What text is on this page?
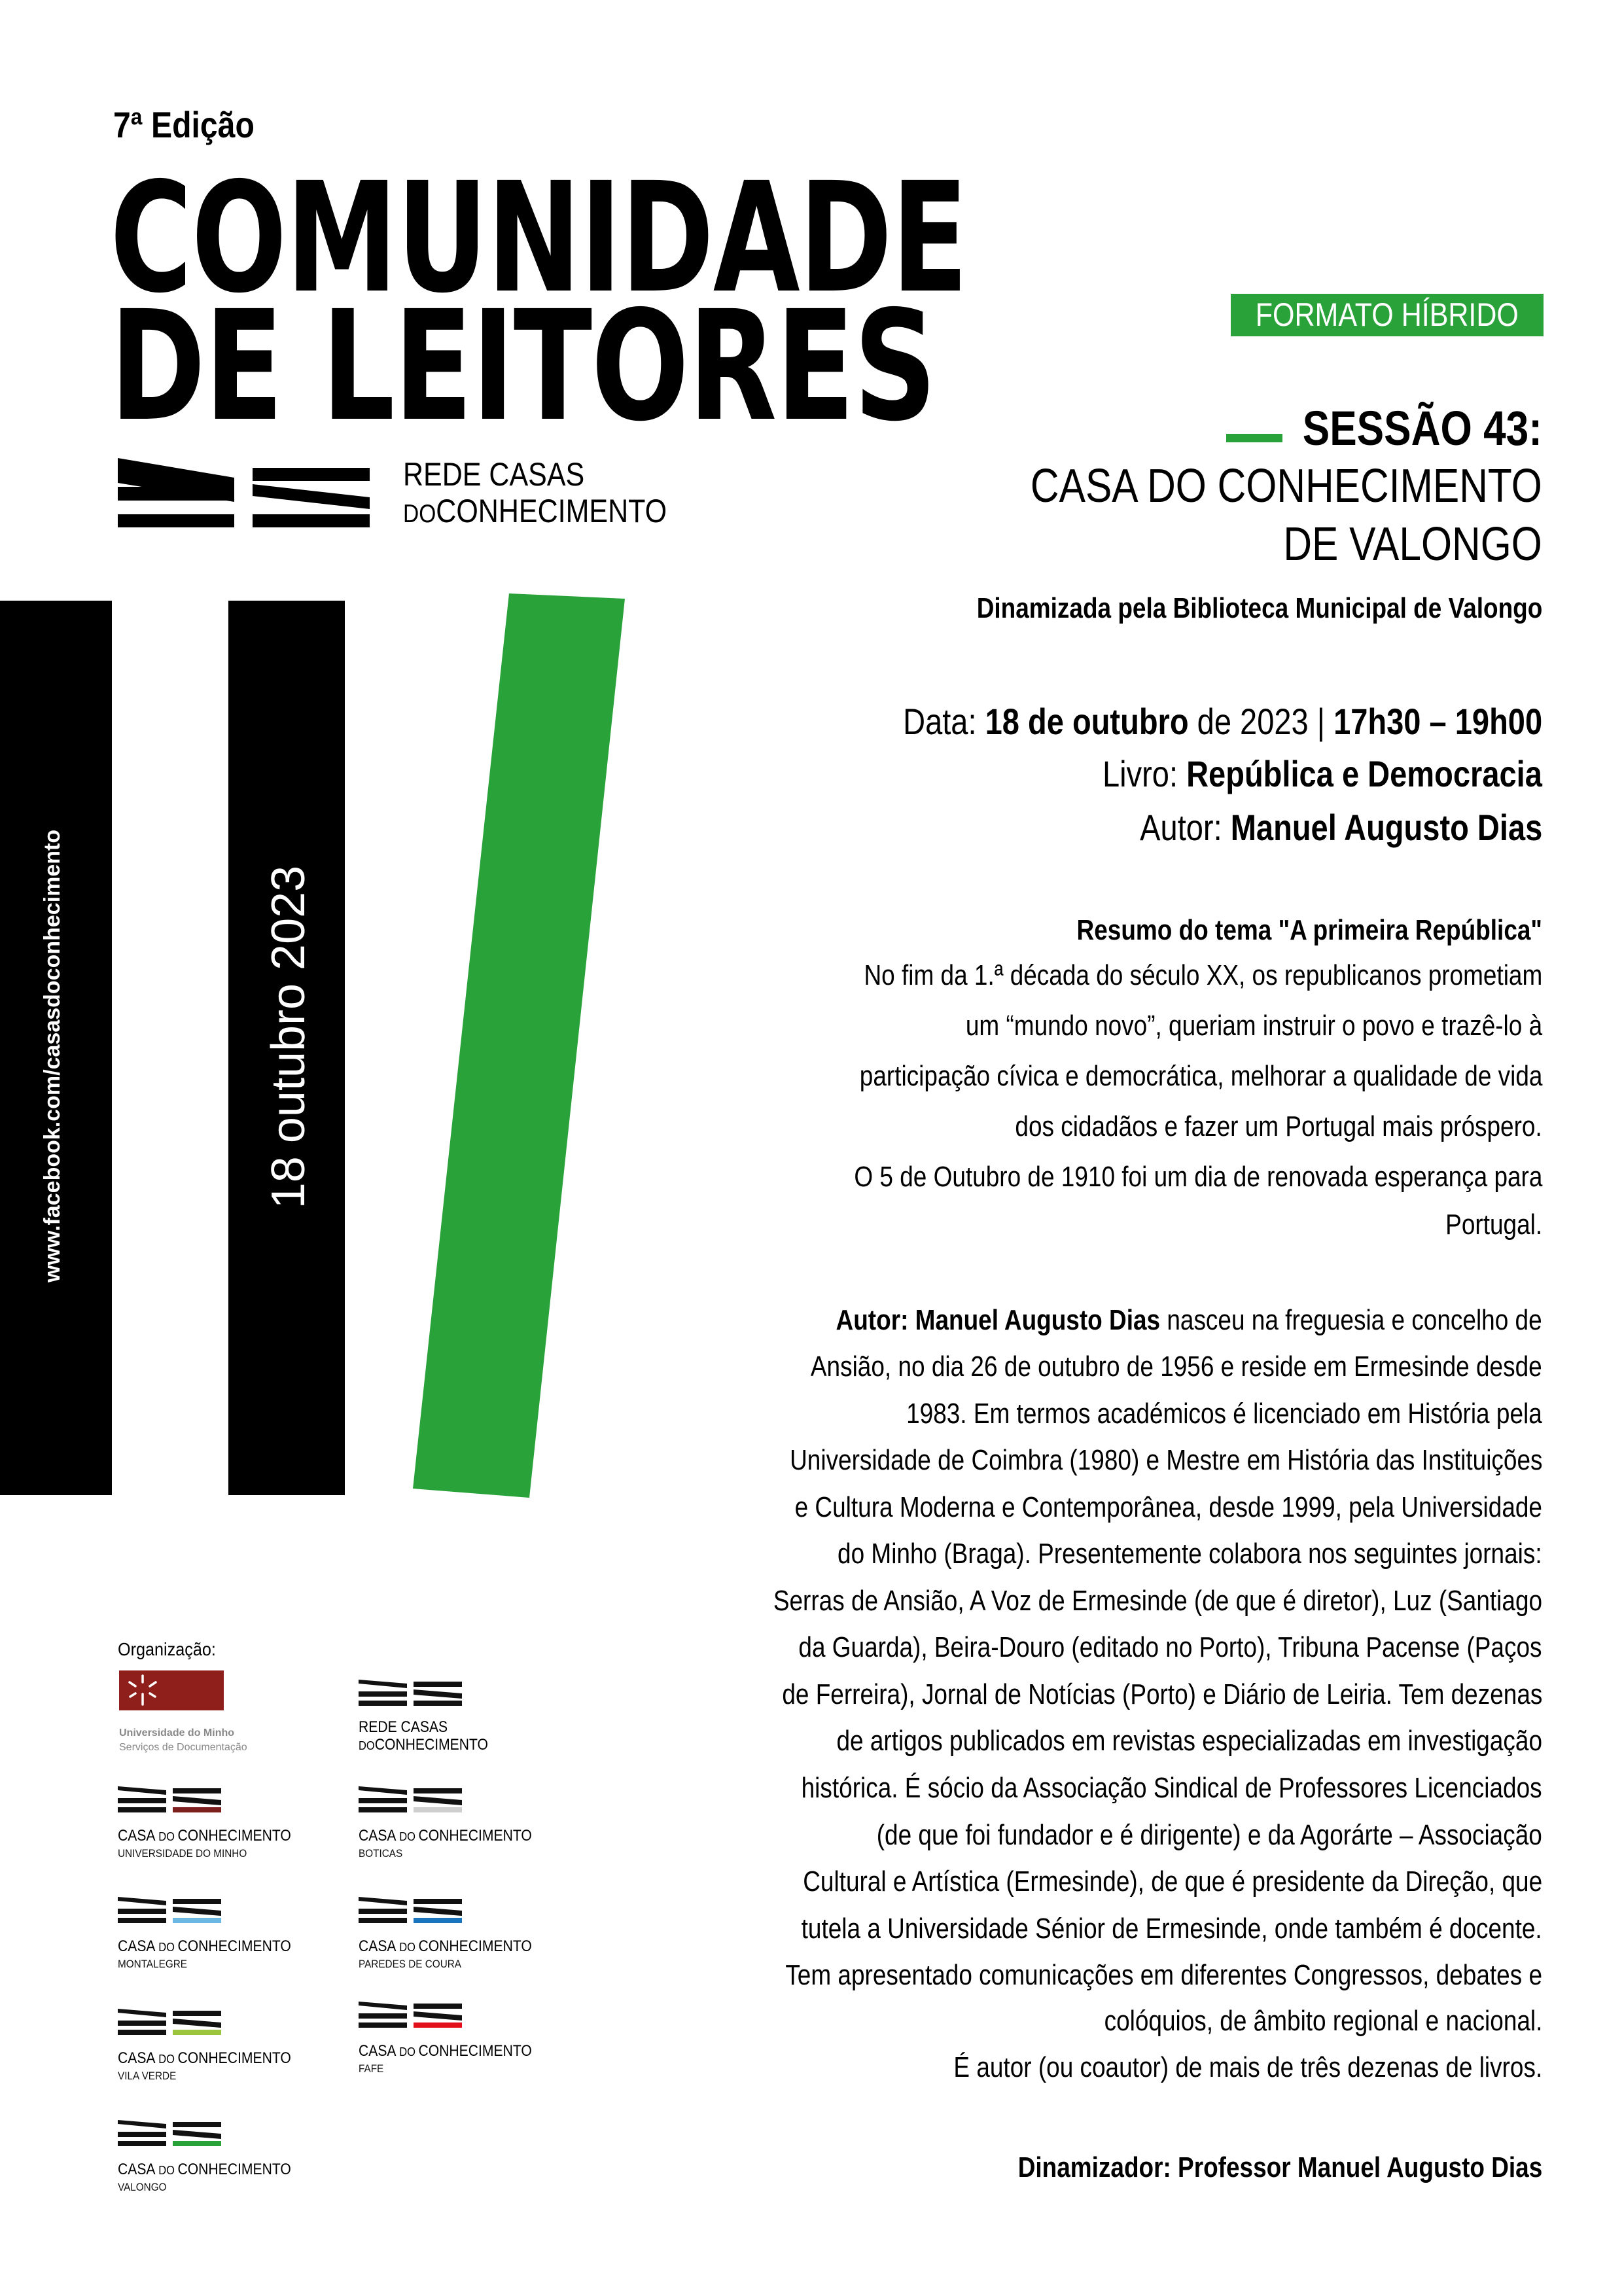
7ª Edição
COMUNIDADE
DE LEITORES
REDE CASAS
DOCONHECIMENTO
FORMATO HÍBRIDO
SESSÃO 43:
CASA DO CONHECIMENTO
DE VALONGO
Dinamizada pela Biblioteca Municipal de Valongo
Data: 18 de outubro de 2023 | 17h30 – 19h00
Livro: República e Democracia
Autor: Manuel Augusto Dias
Resumo do tema "A primeira República"
No fim da 1.ª década do século XX, os republicanos prometiam
um “mundo novo”, queriam instruir o povo e trazê-lo à
participação cívica e democrática, melhorar a qualidade de vida
dos cidadãos e fazer um Portugal mais próspero.
O 5 de Outubro de 1910 foi um dia de renovada esperança para
Portugal.
Autor: Manuel Augusto Dias nasceu na freguesia e concelho de
Ansião, no dia 26 de outubro de 1956 e reside em Ermesinde desde
1983. Em termos académicos é licenciado em História pela
Universidade de Coimbra (1980) e Mestre em História das Instituições
e Cultura Moderna e Contemporânea, desde 1999, pela Universidade
do Minho (Braga). Presentemente colabora nos seguintes jornais:
Serras de Ansião, A Voz de Ermesinde (de que é diretor), Luz (Santiago
da Guarda), Beira-Douro (editado no Porto), Tribuna Pacense (Paços
de Ferreira), Jornal de Notícias (Porto) e Diário de Leiria. Tem dezenas
de artigos publicados em revistas especializadas em investigação
histórica. É sócio da Associação Sindical de Professores Licenciados
(de que foi fundador e é dirigente) e da Agorárte – Associação
Cultural e Artística (Ermesinde), de que é presidente da Direção, que
tutela a Universidade Sénior de Ermesinde, onde também é docente.
Tem apresentado comunicações em diferentes Congressos, debates e
colóquios, de âmbito regional e nacional.
É autor (ou coautor) de mais de três dezenas de livros.
Dinamizador: Professor Manuel Augusto Dias
www.facebook.com/casasdoconhecimento	18 outubro 2023
Organização:
Universidade do Minho
Serviços de Documentação
REDE CASAS
DOCONHECIMENTO
CASA DO CONHECIMENTO
UNIVERSIDADE DO MINHO
CASA DO CONHECIMENTO
BOTICAS
CASA DO CONHECIMENTO
MONTALEGRE
CASA DO CONHECIMENTO
PAREDES DE COURA
CASA DO CONHECIMENTO
VILA VERDE
CASA DO CONHECIMENTO
FAFE
CASA DO CONHECIMENTO
VALONGO
